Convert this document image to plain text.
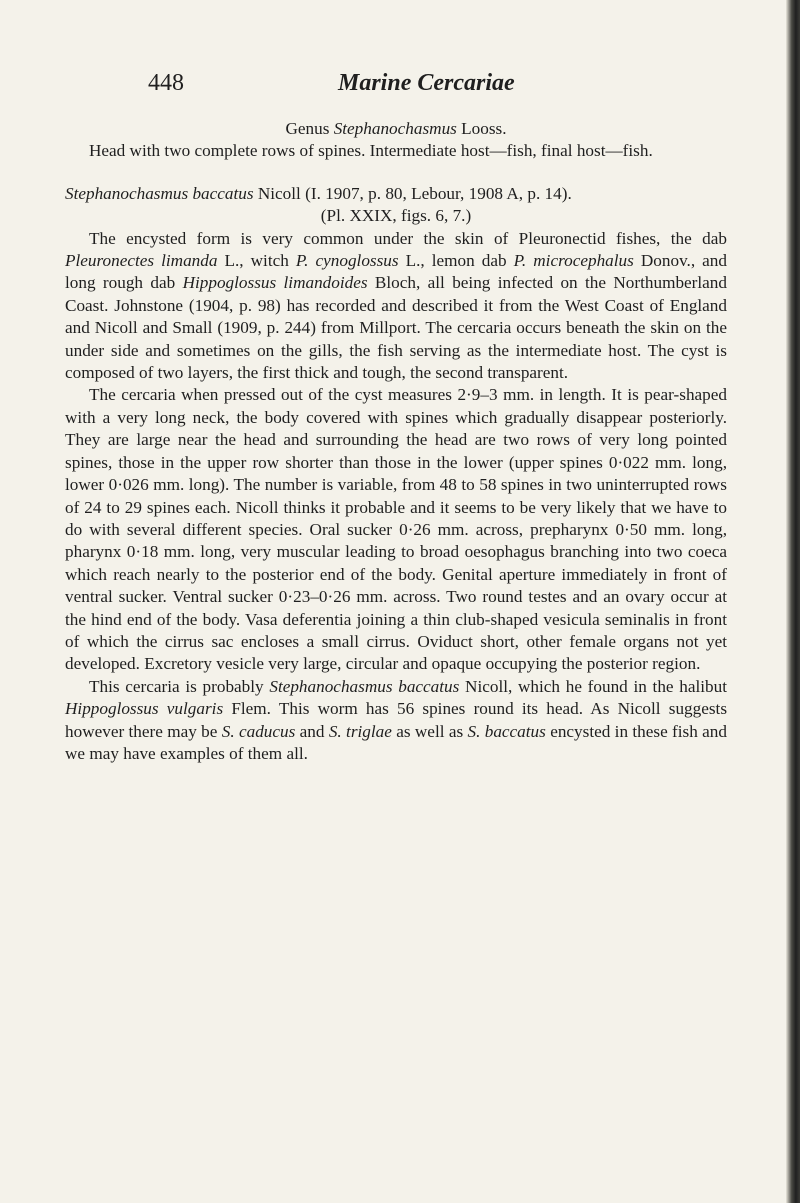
448	Marine Cercariae

Genus Stephanochasmus Looss.

Head with two complete rows of spines. Intermediate host—fish, final host—fish.

Stephanochasmus baccatus Nicoll (I. 1907, p. 80, Lebour, 1908 A, p. 14).

(Pl. XXIX, figs. 6, 7.)

The encysted form is very common under the skin of Pleuronectid fishes, the dab Pleuronectes limanda L., witch P. cynoglossus L., lemon dab P. microcephalus Donov., and long rough dab Hippoglossus limandoides Bloch, all being infected on the Northumberland Coast. Johnstone (1904, p. 98) has recorded and described it from the West Coast of England and Nicoll and Small (1909, p. 244) from Millport. The cercaria occurs beneath the skin on the under side and sometimes on the gills, the fish serving as the intermediate host. The cyst is composed of two layers, the first thick and tough, the second transparent.

The cercaria when pressed out of the cyst measures 2·9–3 mm. in length. It is pear-shaped with a very long neck, the body covered with spines which gradually disappear posteriorly. They are large near the head and surrounding the head are two rows of very long pointed spines, those in the upper row shorter than those in the lower (upper spines 0·022 mm. long, lower 0·026 mm. long). The number is variable, from 48 to 58 spines in two uninterrupted rows of 24 to 29 spines each. Nicoll thinks it probable and it seems to be very likely that we have to do with several different species. Oral sucker 0·26 mm. across, prepharynx 0·50 mm. long, pharynx 0·18 mm. long, very muscular leading to broad oesophagus branching into two coeca which reach nearly to the posterior end of the body. Genital aperture immediately in front of ventral sucker. Ventral sucker 0·23–0·26 mm. across. Two round testes and an ovary occur at the hind end of the body. Vasa deferentia joining a thin club-shaped vesicula seminalis in front of which the cirrus sac encloses a small cirrus. Oviduct short, other female organs not yet developed. Excretory vesicle very large, circular and opaque occupying the posterior region.

This cercaria is probably Stephanochasmus baccatus Nicoll, which he found in the halibut Hippoglossus vulgaris Flem. This worm has 56 spines round its head. As Nicoll suggests however there may be S. caducus and S. triglae as well as S. baccatus encysted in these fish and we may have examples of them all.
